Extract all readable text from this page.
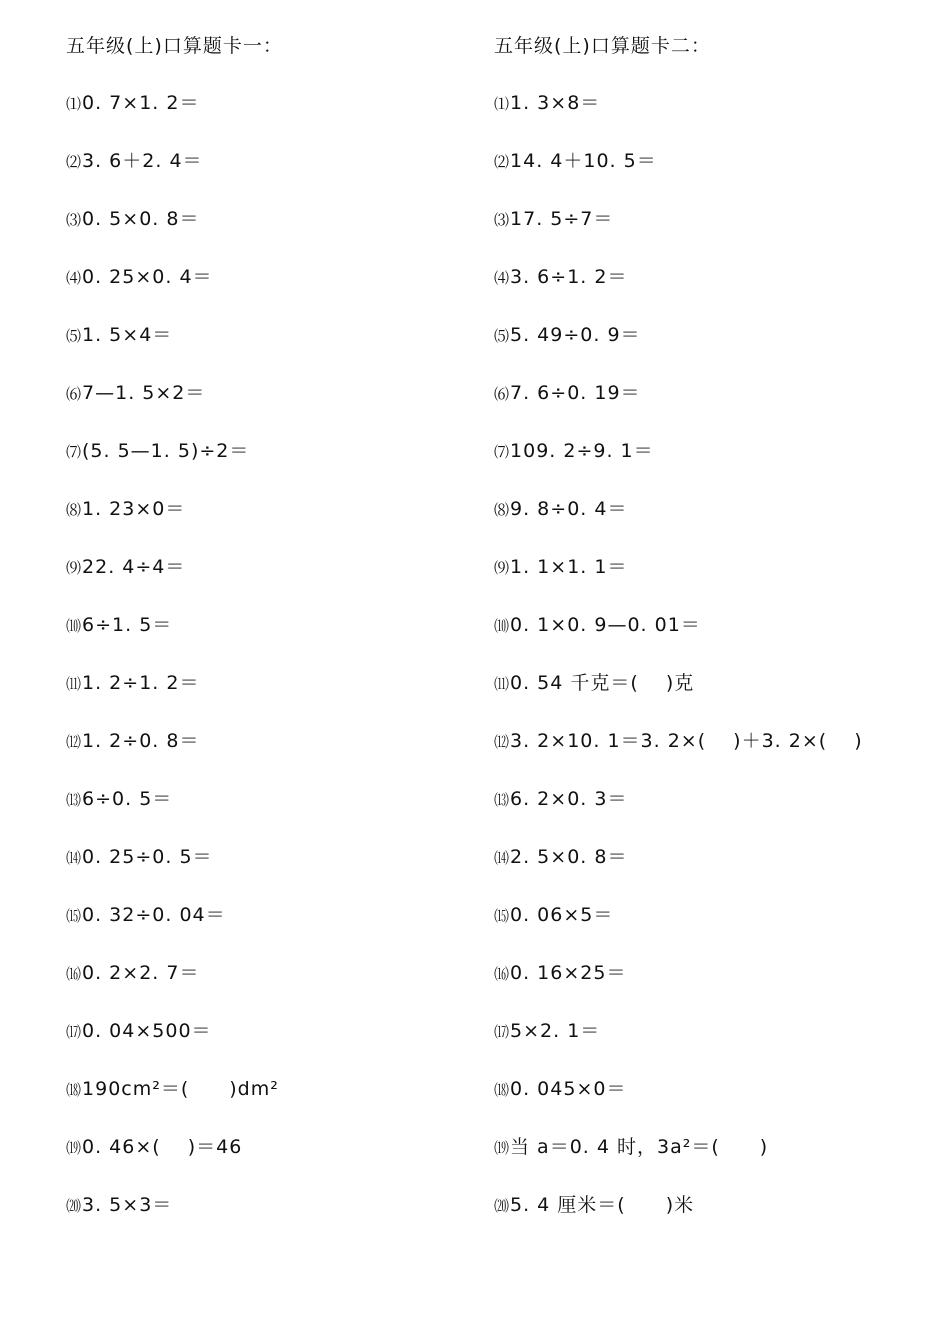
五年级(上)口算题卡一：
⑴0. 7×1. 2＝
⑵3. 6＋2. 4＝
⑶0. 5×0. 8＝
⑷0. 25×0. 4＝
⑸1. 5×4＝
⑹7—1. 5×2＝
⑺(5. 5—1. 5)÷2＝
⑻1. 23×0＝
⑼22. 4÷4＝
⑽6÷1. 5＝
⑾1. 2÷1. 2＝
⑿1. 2÷0. 8＝
⒀6÷0. 5＝
⒁0. 25÷0. 5＝
⒂0. 32÷0. 04＝
⒃0. 2×2. 7＝
⒄0. 04×500＝
⒅190cm²＝(　　)dm²
⒆0. 46×(　 )＝46
⒇3. 5×3＝
五年级(上)口算题卡二：
⑴1. 3×8＝
⑵14. 4＋10. 5＝
⑶17. 5÷7＝
⑷3. 6÷1. 2＝
⑸5. 49÷0. 9＝
⑹7. 6÷0. 19＝
⑺109. 2÷9. 1＝
⑻9. 8÷0. 4＝
⑼1. 1×1. 1＝
⑽0. 1×0. 9—0. 01＝
⑾0. 54 千克＝(　 )克
⑿3. 2×10. 1＝3. 2×(　 )＋3. 2×(　 )
⒀6. 2×0. 3＝
⒁2. 5×0. 8＝
⒂0. 06×5＝
⒃0. 16×25＝
⒄5×2. 1＝
⒅0. 045×0＝
⒆当 a＝0. 4 时，3a²＝(　　)
⒇5. 4 厘米＝(　　)米
